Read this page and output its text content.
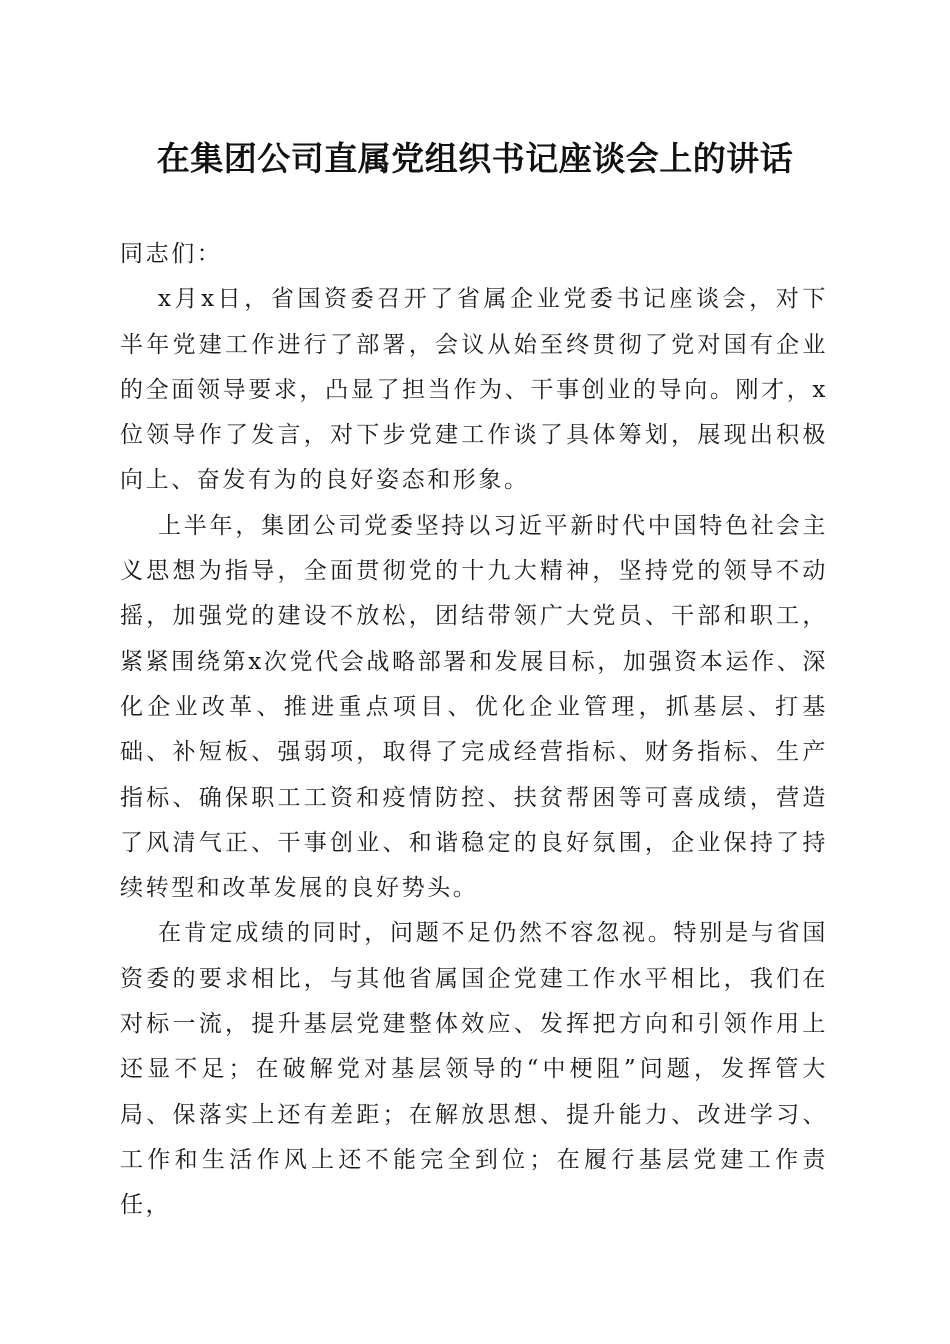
在集团公司直属党组织书记座谈会上的讲话

同志们：

x月x日，省国资委召开了省属企业党委书记座谈会，对下半年党建工作进行了部署，会议从始至终贯彻了党对国有企业的全面领导要求，凸显了担当作为、干事创业的导向。刚才，x位领导作了发言，对下步党建工作谈了具体筹划，展现出积极向上、奋发有为的良好姿态和形象。

上半年，集团公司党委坚持以习近平新时代中国特色社会主义思想为指导，全面贯彻党的十九大精神，坚持党的领导不动摇，加强党的建设不放松，团结带领广大党员、干部和职工，紧紧围绕第x次党代会战略部署和发展目标，加强资本运作、深化企业改革、推进重点项目、优化企业管理，抓基层、打基础、补短板、强弱项，取得了完成经营指标、财务指标、生产指标、确保职工工资和疫情防控、扶贫帮困等可喜成绩，营造了风清气正、干事创业、和谐稳定的良好氛围，企业保持了持续转型和改革发展的良好势头。

在肯定成绩的同时，问题不足仍然不容忽视。特别是与省国资委的要求相比，与其他省属国企党建工作水平相比，我们在对标一流，提升基层党建整体效应、发挥把方向和引领作用上还显不足；在破解党对基层领导的“中梗阻”问题，发挥管大局、保落实上还有差距；在解放思想、提升能力、改进学习、工作和生活作风上还不能完全到位；在履行基层党建工作责任，
